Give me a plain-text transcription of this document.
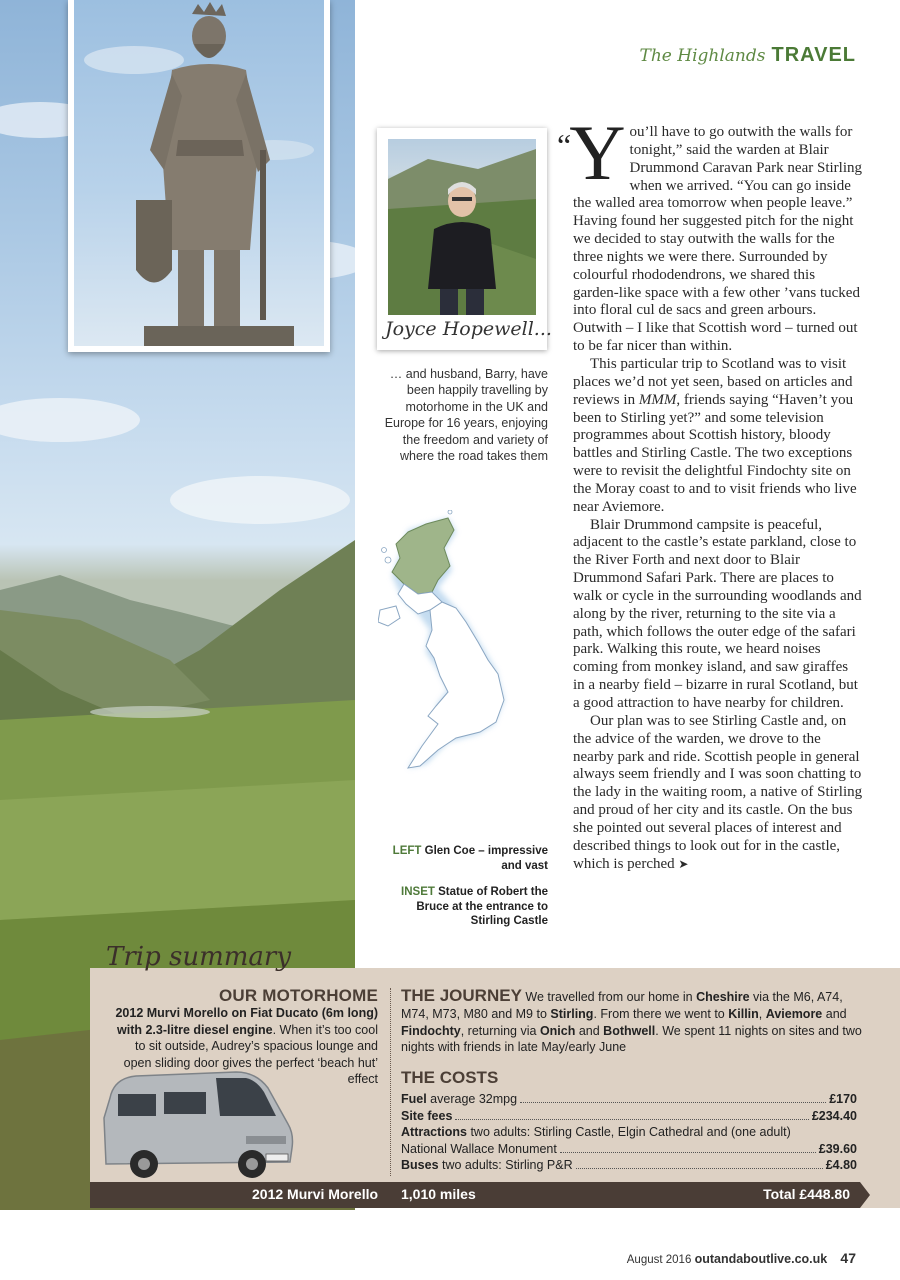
The Highlands TRAVEL
Joyce Hopewell...
… and husband, Barry, have been happily travelling by motorhome in the UK and Europe for 16 years, enjoying the freedom and variety of where the road takes them

LEFT Glen Coe – impressive and vast

INSET Statue of Robert the Bruce at the entrance to Stirling Castle

“Y ou’ll have to go outwith the walls for tonight,” said the warden at Blair Drummond Caravan Park near Stirling when we arrived. “You can go inside the walled area tomorrow when people leave.” Having found her suggested pitch for the night we decided to stay outwith the walls for the three nights we were there. Surrounded by colourful rhododendrons, we shared this garden-like space with a few other ’vans tucked into floral cul de sacs and green arbours. Outwith – I like that Scottish word – turned out to be far nicer than within.

This particular trip to Scotland was to visit places we’d not yet seen, based on articles and reviews in MMM, friends saying “Haven’t you been to Stirling yet?” and some television programmes about Scottish history, bloody battles and Stirling Castle. The two exceptions were to revisit the delightful Findochty site on the Moray coast to and to visit friends who live near Aviemore.

Blair Drummond campsite is peaceful, adjacent to the castle’s estate parkland, close to the River Forth and next door to Blair Drummond Safari Park. There are places to walk or cycle in the surrounding woodlands and along by the river, returning to the site via a path, which follows the outer edge of the safari park. Walking this route, we heard noises coming from monkey island, and saw giraffes in a nearby field – bizarre in rural Scotland, but a good attraction to have nearby for children.

Our plan was to see Stirling Castle and, on the advice of the warden, we drove to the nearby park and ride. Scottish people in general always seem friendly and I was soon chatting to the lady in the waiting room, a native of Stirling and proud of her city and its castle. On the bus she pointed out several places of interest and described things to look out for in the castle, which is perched ➤

Trip summary
OUR MOTORHOME
2012 Murvi Morello on Fiat Ducato (6m long) with 2.3-litre diesel engine. When it’s too cool to sit outside, Audrey’s spacious lounge and open sliding door gives the perfect ‘beach hut’ effect
THE JOURNEY We travelled from our home in Cheshire via the M6, A74, M74, M73, M80 and M9 to Stirling. From there we went to Killin, Aviemore and Findochty, returning via Onich and Bothwell. We spent 11 nights on sites and two nights with friends in late May/early June
THE COSTS
Fuel average 32mpg	£170
Site fees	£234.40
Attractions two adults: Stirling Castle, Elgin Cathedral and (one adult)
National Wallace Monument	£39.60
Buses two adults: Stirling P&R	£4.80
2012 Murvi Morello 1,010 miles	Total £448.80
August 2016 outandaboutlive.co.uk 47
